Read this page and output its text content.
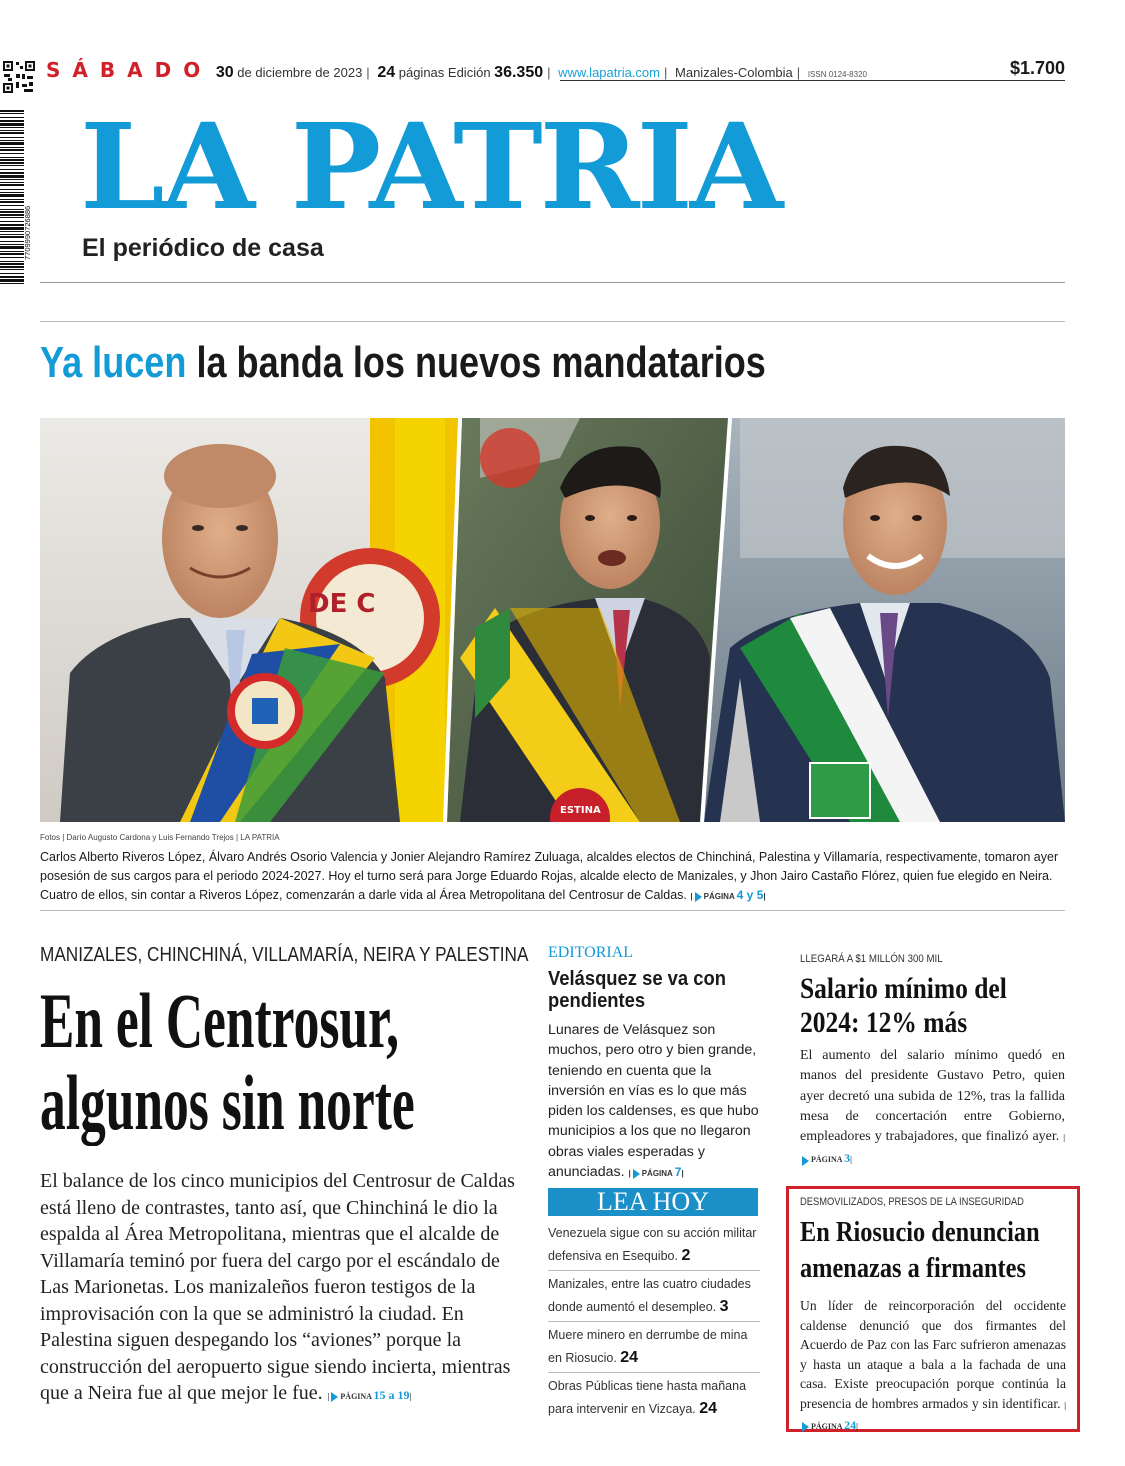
SÁBADO 30 de diciembre de 2023 | 24 páginas Edición 36.350 | www.lapatria.com | Manizales-Colombia | ISSN 0124-8320	$1.700
7709990726886 LA PATRIA
El periódico de casa
Ya lucen la banda los nuevos mandatarios
DE C
ESTINA
Fotos | Darío Augusto Cardona y Luis Fernando Trejos | LA PATRIA
Carlos Alberto Riveros López, Álvaro Andrés Osorio Valencia y Jonier Alejandro Ramírez Zuluaga, alcaldes electos de Chinchiná, Palestina y Villamaría, respectivamente, tomaron ayer posesión de sus cargos para el periodo 2024-2027. Hoy el turno será para Jorge Eduardo Rojas, alcalde electo de Manizales, y Jhon Jairo Castaño Flórez, quien fue elegido en Neira. Cuatro de ellos, sin contar a Riveros López, comenzarán a darle vida al Área Metropolitana del Centrosur de Caldas. | PÁGINA 4 y 5|
MANIZALES, CHINCHINÁ, VILLAMARÍA, NEIRA Y PALESTINA
En el Centrosur, algunos sin norte
El balance de los cinco municipios del Centrosur de Caldas está lleno de contrastes, tanto así, que Chinchiná le dio la espalda al Área Metropolitana, mientras que el alcalde de Villamaría teminó por fuera del cargo por el escándalo de Las Marionetas. Los manizaleños fueron testigos de la improvisación con la que se administró la ciudad. En Palestina siguen despegando los “aviones” porque la construcción del aeropuerto sigue siendo incierta, mientras que a Neira fue al que mejor le fue. | PÁGINA 15 a 19|
EDITORIAL
Velásquez se va con pendientes
Lunares de Velásquez son muchos, pero otro y bien grande, teniendo en cuenta que la inversión en vías es lo que más piden los caldenses, es que hubo municipios a los que no llegaron obras viales esperadas y anunciadas. | PÁGINA 7|
LEA HOY
Venezuela sigue con su acción militar defensiva en Esequibo. 2
Manizales, entre las cuatro ciudades donde aumentó el desempleo. 3
Muere minero en derrumbe de mina en Riosucio. 24
Obras Públicas tiene hasta mañana para intervenir en Vizcaya. 24
LLEGARÁ A $1 MILLÓN 300 MIL
Salario mínimo del 2024: 12% más
El aumento del salario mínimo quedó en manos del presidente Gustavo Petro, quien ayer decretó una subida de 12%, tras la fallida mesa de concertación entre Gobierno, empleadores y trabajadores, que finalizó ayer. |PÁGINA 3|
DESMOVILIZADOS, PRESOS DE LA INSEGURIDAD
En Riosucio denuncian amenazas a firmantes
Un líder de reincorporación del occidente caldense denunció que dos firmantes del Acuerdo de Paz con las Farc sufrieron amenazas y hasta un ataque a bala a la fachada de una casa. Existe preocupación porque continúa la presencia de hombres armados y sin identificar. |PÁGINA 24|
